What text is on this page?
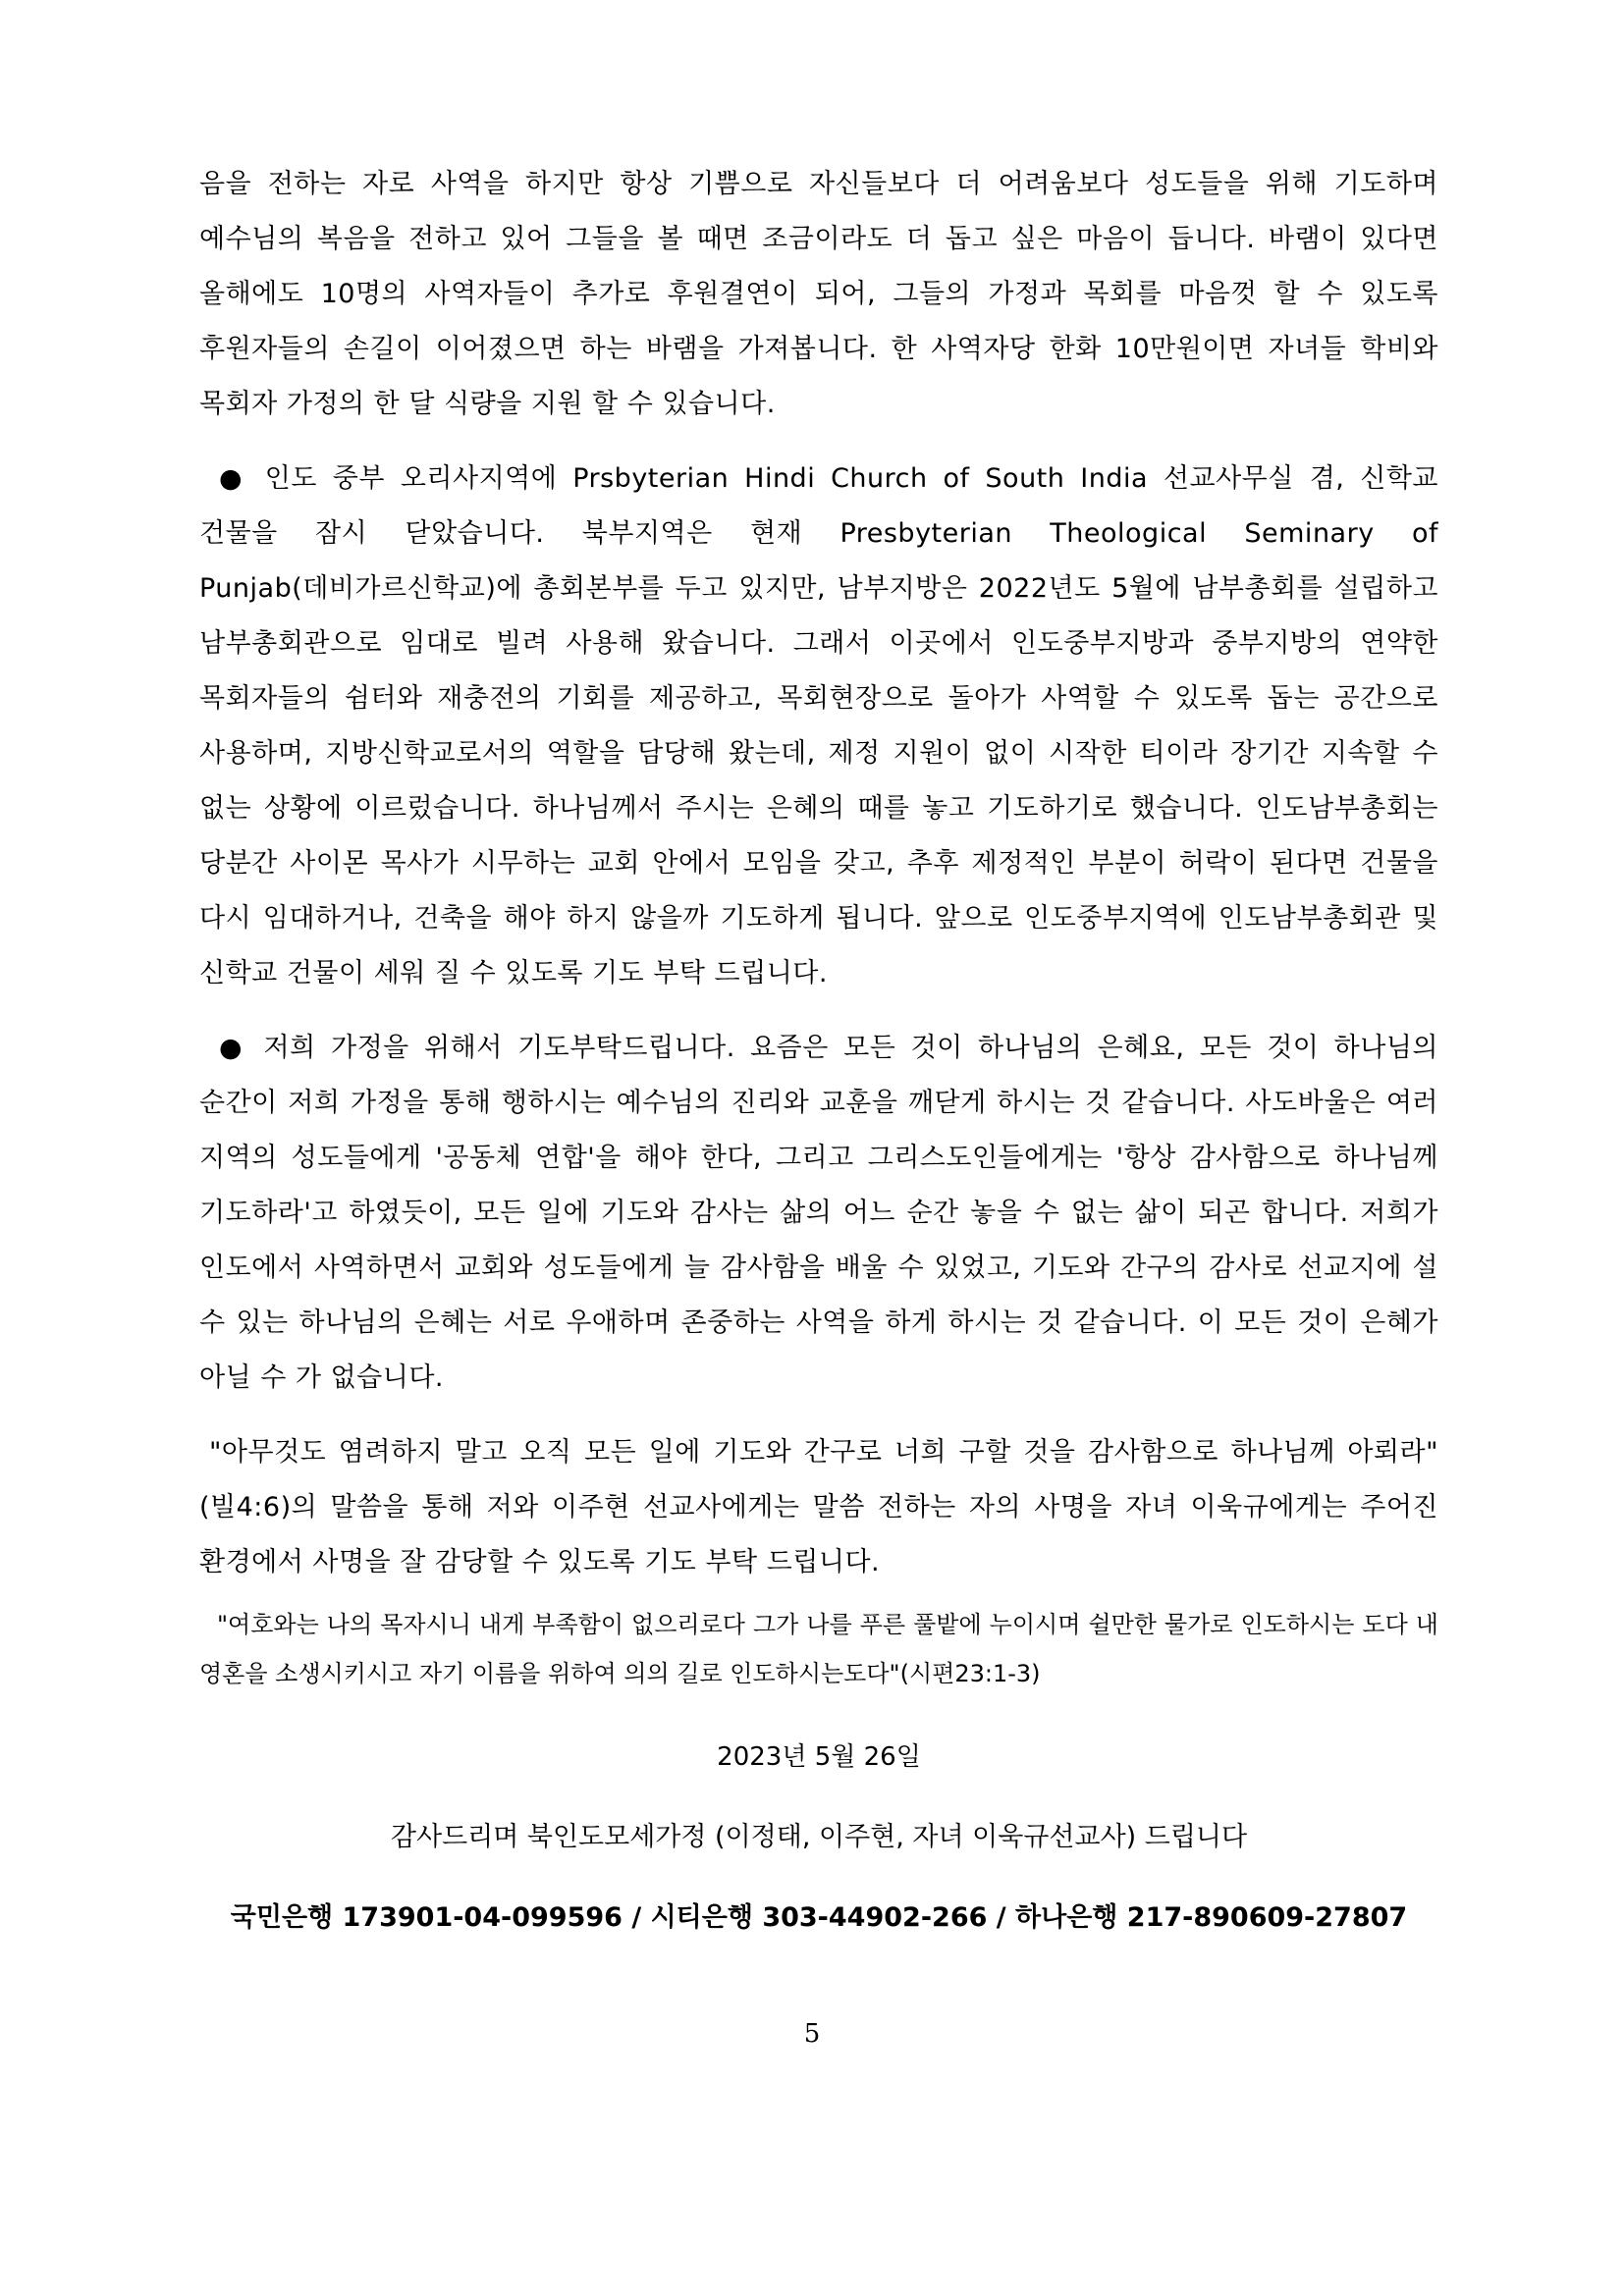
음을 전하는 자로 사역을 하지만 항상 기쁨으로 자신들보다 더 어려움보다 성도들을 위해 기도하며 예수님의 복음을 전하고 있어 그들을 볼 때면 조금이라도 더 돕고 싶은 마음이 듭니다. 바램이 있다면 올해에도 10명의 사역자들이 추가로 후원결연이 되어, 그들의 가정과 목회를 마음껏 할 수 있도록 후원자들의 손길이 이어졌으면 하는 바램을 가져봅니다. 한 사역자당 한화 10만원이면 자녀들 학비와 목회자 가정의 한 달 식량을 지원 할 수 있습니다.

● 인도 중부 오리사지역에 Prsbyterian Hindi Church of South India 선교사무실 겸, 신학교 건물을 잠시 닫았습니다. 북부지역은 현재 Presbyterian Theological Seminary of Punjab(데비가르신학교)에 총회본부를 두고 있지만, 남부지방은 2022년도 5월에 남부총회를 설립하고 남부총회관으로 임대로 빌려 사용해 왔습니다. 그래서 이곳에서 인도중부지방과 중부지방의 연약한 목회자들의 쉼터와 재충전의 기회를 제공하고, 목회현장으로 돌아가 사역할 수 있도록 돕는 공간으로 사용하며, 지방신학교로서의 역할을 담당해 왔는데, 제정 지원이 없이 시작한 티이라 장기간 지속할 수 없는 상황에 이르렀습니다. 하나님께서 주시는 은혜의 때를 놓고 기도하기로 했습니다. 인도남부총회는 당분간 사이몬 목사가 시무하는 교회 안에서 모임을 갖고, 추후 제정적인 부분이 허락이 된다면 건물을 다시 임대하거나, 건축을 해야 하지 않을까 기도하게 됩니다. 앞으로 인도중부지역에 인도남부총회관 및 신학교 건물이 세워 질 수 있도록 기도 부탁 드립니다.

● 저희 가정을 위해서 기도부탁드립니다. 요즘은 모든 것이 하나님의 은혜요, 모든 것이 하나님의 순간이 저희 가정을 통해 행하시는 예수님의 진리와 교훈을 깨닫게 하시는 것 같습니다. 사도바울은 여러 지역의 성도들에게 '공동체 연합'을 해야 한다, 그리고 그리스도인들에게는 '항상 감사함으로 하나님께 기도하라'고 하였듯이, 모든 일에 기도와 감사는 삶의 어느 순간 놓을 수 없는 삶이 되곤 합니다. 저희가 인도에서 사역하면서 교회와 성도들에게 늘 감사함을 배울 수 있었고, 기도와 간구의 감사로 선교지에 설 수 있는 하나님의 은혜는 서로 우애하며 존중하는 사역을 하게 하시는 것 같습니다. 이 모든 것이 은혜가 아닐 수 가 없습니다.

"아무것도 염려하지 말고 오직 모든 일에 기도와 간구로 너희 구할 것을 감사함으로 하나님께 아뢰라"(빌4:6)의 말씀을 통해 저와 이주현 선교사에게는 말씀 전하는 자의 사명을 자녀 이욱규에게는 주어진 환경에서 사명을 잘 감당할 수 있도록 기도 부탁 드립니다.

"여호와는 나의 목자시니 내게 부족함이 없으리로다 그가 나를 푸른 풀밭에 누이시며 쉴만한 물가로 인도하시는 도다 내 영혼을 소생시키시고 자기 이름을 위하여 의의 길로 인도하시는도다"(시편23:1-3)

2023년 5월 26일

감사드리며 북인도모세가정 (이정태, 이주현, 자녀 이욱규선교사) 드립니다

국민은행 173901-04-099596 / 시티은행 303-44902-266 / 하나은행 217-890609-27807

5
